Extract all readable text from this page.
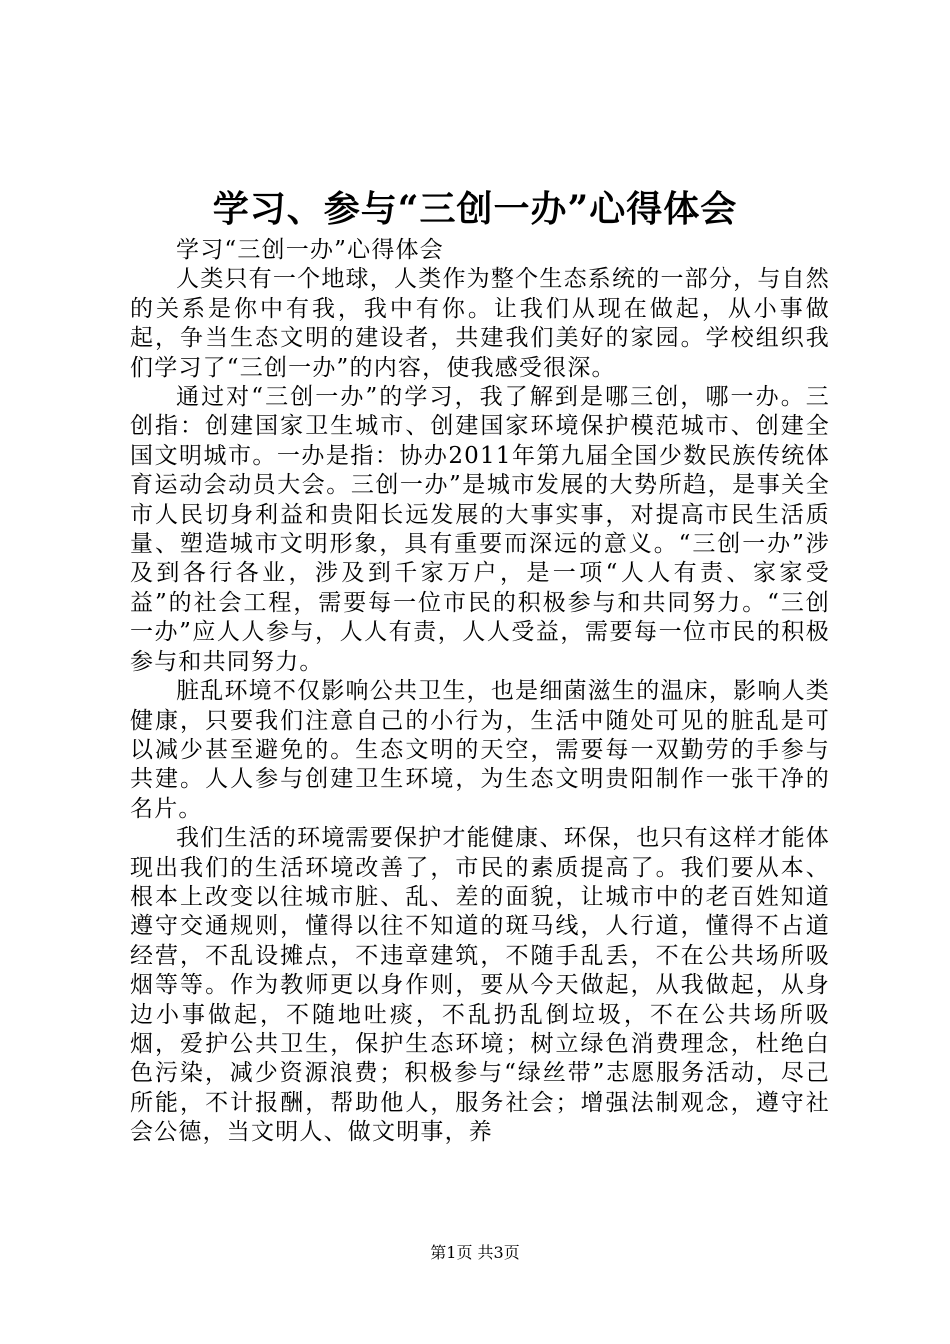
学习、参与“三创一办”心得体会

学习“三创一办”心得体会

人类只有一个地球，人类作为整个生态系统的一部分，与自然的关系是你中有我，我中有你。让我们从现在做起，从小事做起，争当生态文明的建设者，共建我们美好的家园。学校组织我们学习了“三创一办”的内容，使我感受很深。

通过对“三创一办”的学习，我了解到是哪三创，哪一办。三创指：创建国家卫生城市、创建国家环境保护模范城市、创建全国文明城市。一办是指：协办2011年第九届全国少数民族传统体育运动会动员大会。三创一办”是城市发展的大势所趋，是事关全市人民切身利益和贵阳长远发展的大事实事，对提高市民生活质量、塑造城市文明形象，具有重要而深远的意义。“三创一办”涉及到各行各业，涉及到千家万户，是一项“人人有责、家家受益”的社会工程，需要每一位市民的积极参与和共同努力。“三创一办”应人人参与，人人有责，人人受益，需要每一位市民的积极参与和共同努力。

脏乱环境不仅影响公共卫生，也是细菌滋生的温床，影响人类健康，只要我们注意自己的小行为，生活中随处可见的脏乱是可以减少甚至避免的。生态文明的天空，需要每一双勤劳的手参与共建。人人参与创建卫生环境，为生态文明贵阳制作一张干净的名片。

我们生活的环境需要保护才能健康、环保，也只有这样才能体现出我们的生活环境改善了，市民的素质提高了。我们要从本、根本上改变以往城市脏、乱、差的面貌，让城市中的老百姓知道遵守交通规则，懂得以往不知道的斑马线，人行道，懂得不占道经营，不乱设摊点，不违章建筑，不随手乱丢，不在公共场所吸烟等等。作为教师更以身作则，要从今天做起，从我做起，从身边小事做起，不随地吐痰，不乱扔乱倒垃圾，不在公共场所吸烟，爱护公共卫生，保护生态环境；树立绿色消费理念，杜绝白色污染，减少资源浪费；积极参与“绿丝带”志愿服务活动，尽己所能，不计报酬，帮助他人，服务社会；增强法制观念，遵守社会公德，当文明人、做文明事，养

第1页 共3页
